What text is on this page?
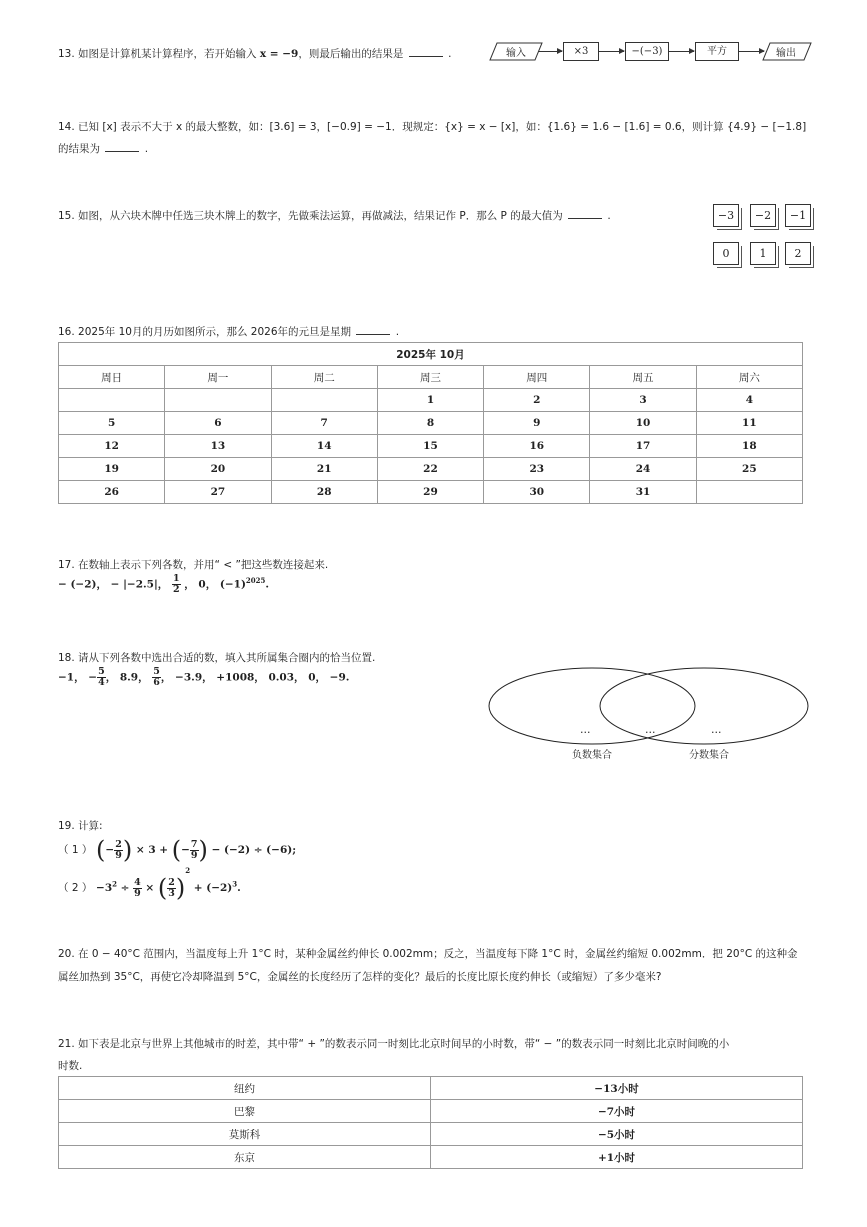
13. 如图是计算机某计算程序，若开始输入 x = −9，则最后输出的结果是	.	输入	×3	−(−3)	平方	输出
14. 已知 [x] 表示不大于 x 的最大整数，如：[3.6] = 3，[−0.9] = −1．现规定：{x} = x − [x]，如：{1.6} = 1.6 − [1.6] = 0.6，则计算 {4.9} − [−1.8]
的结果为	.
15. 如图，从六块木牌中任选三块木牌上的数字，先做乘法运算，再做减法，结果记作 P．那么 P 的最大值为	.	−3	−2	−1
0	1	2
16. 2025年 10月的月历如图所示，那么 2026年的元旦是星期	.
2025年 10月						
周日	周一	周二	周三	周四	周五	周六
			1	2	3	4
5	6	7	8	9	10	11
12	13	14	15	16	17	18
19	20	21	22	23	24	25
26	27	28	29	30	31	
17. 在数轴上表示下列各数，并用“ < ”把这些数连接起来.
− (−2)， − |−2.5|， $\frac{1}{2}$ ， 0， $(-1)^{2025}$.
18. 请从下列各数中选出合适的数，填入其所属集合圈内的恰当位置.
−1， − $\frac{5}{4}$ ， 8.9， $\frac{5}{6}$ ， −3.9， +1008， 0.03， 0， −9.
…	…	…
负数集合	分数集合
19. 计算:
（ 1 ） (− $\frac{2}{9}$ ) × 3 + (− $\frac{7}{9}$ ) − (−2) ÷ (−6);
（ 2 ） $-3^2 \div \frac{4}{9}$ × ( $\frac{2}{3} )^2 + (-2)^3$.
20. 在 0 − 40°C 范围内，当温度每上升 1°C 时，某种金属丝约伸长 0.002mm；反之，当温度每下降 1°C 时，金属丝约缩短 0.002mm．把 20°C 的这种金
属丝加热到 35°C，再使它冷却降温到 5°C，金属丝的长度经历了怎样的变化？最后的长度比原长度约伸长（或缩短）了多少毫米?
21. 如下表是北京与世界上其他城市的时差，其中带“ + ”的数表示同一时刻比北京时间早的小时数，带“ − ”的数表示同一时刻比北京时间晚的小
时数.
纽约	−13小时
巴黎	−7小时
莫斯科	−5小时
东京	+1小时
